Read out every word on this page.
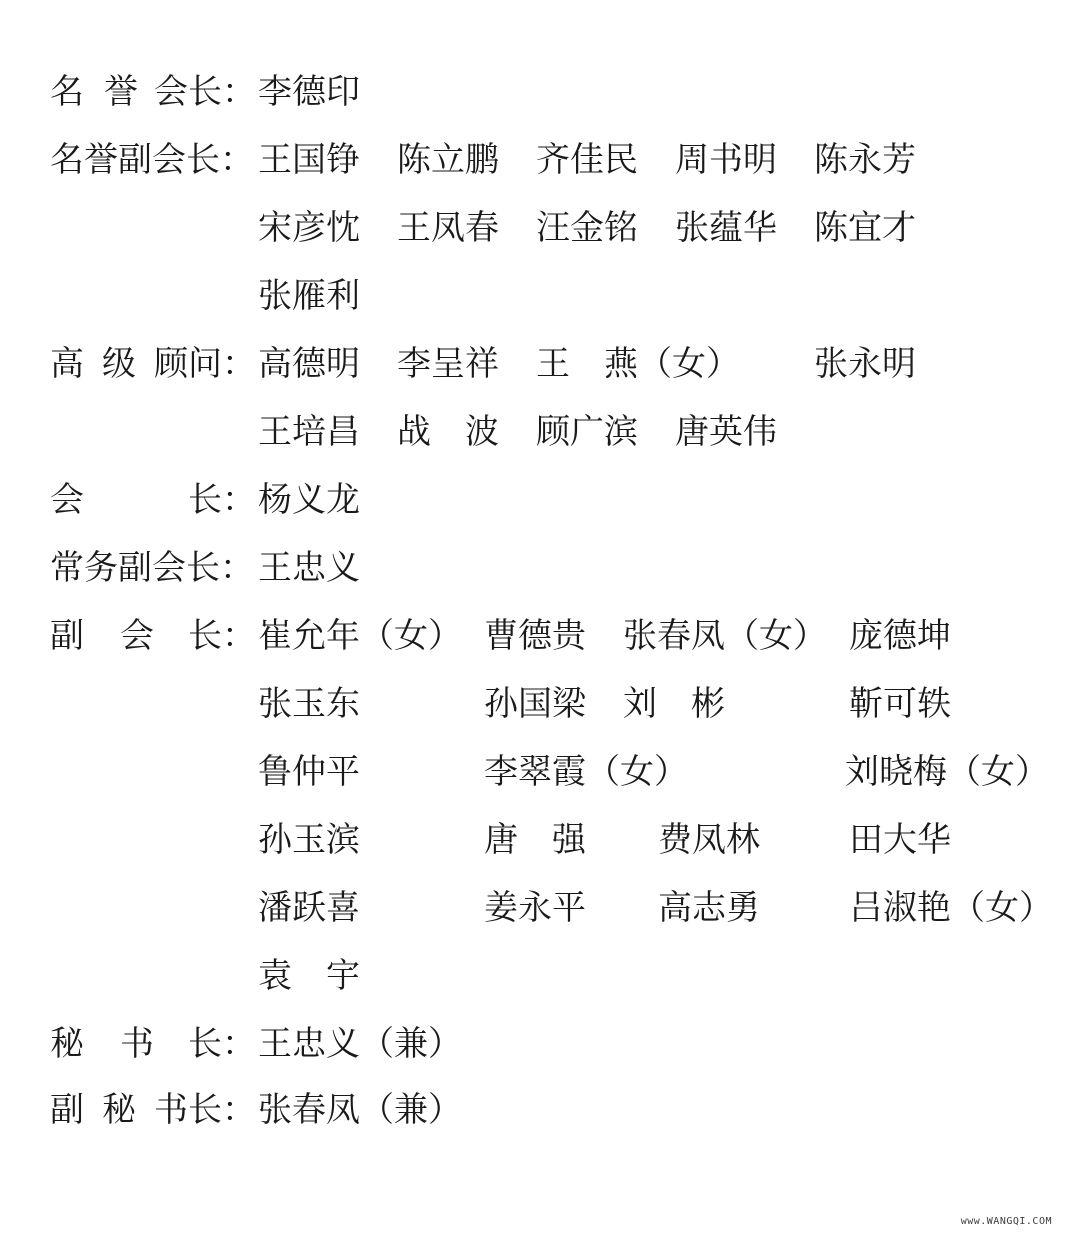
名 誉 会长： 李德印
名誉副会长： 王国铮 陈立鹏 齐佳民 周书明 陈永芳
宋彦忱 王凤春 汪金铭 张蕴华 陈宜才
张雁利
高 级 顾问： 高德明 李呈祥 王　燕（女） 张永明
王培昌 战　波 顾广滨 唐英伟
会	长： 杨义龙
常务副会长： 王忠义
副 会 长： 崔允年（女） 曹德贵 张春凤（女） 庞德坤
张玉东	孙国梁 刘　彬	靳可轶
鲁仲平	李翠霞（女）	刘晓梅（女）
孙玉滨	唐　强 费凤林	田大华
潘跃喜	姜永平 高志勇	吕淑艳（女）
袁　宇
秘 书 长： 王忠义（兼）
副 秘 书长： 张春凤（兼）
www.WANGQI.COM
